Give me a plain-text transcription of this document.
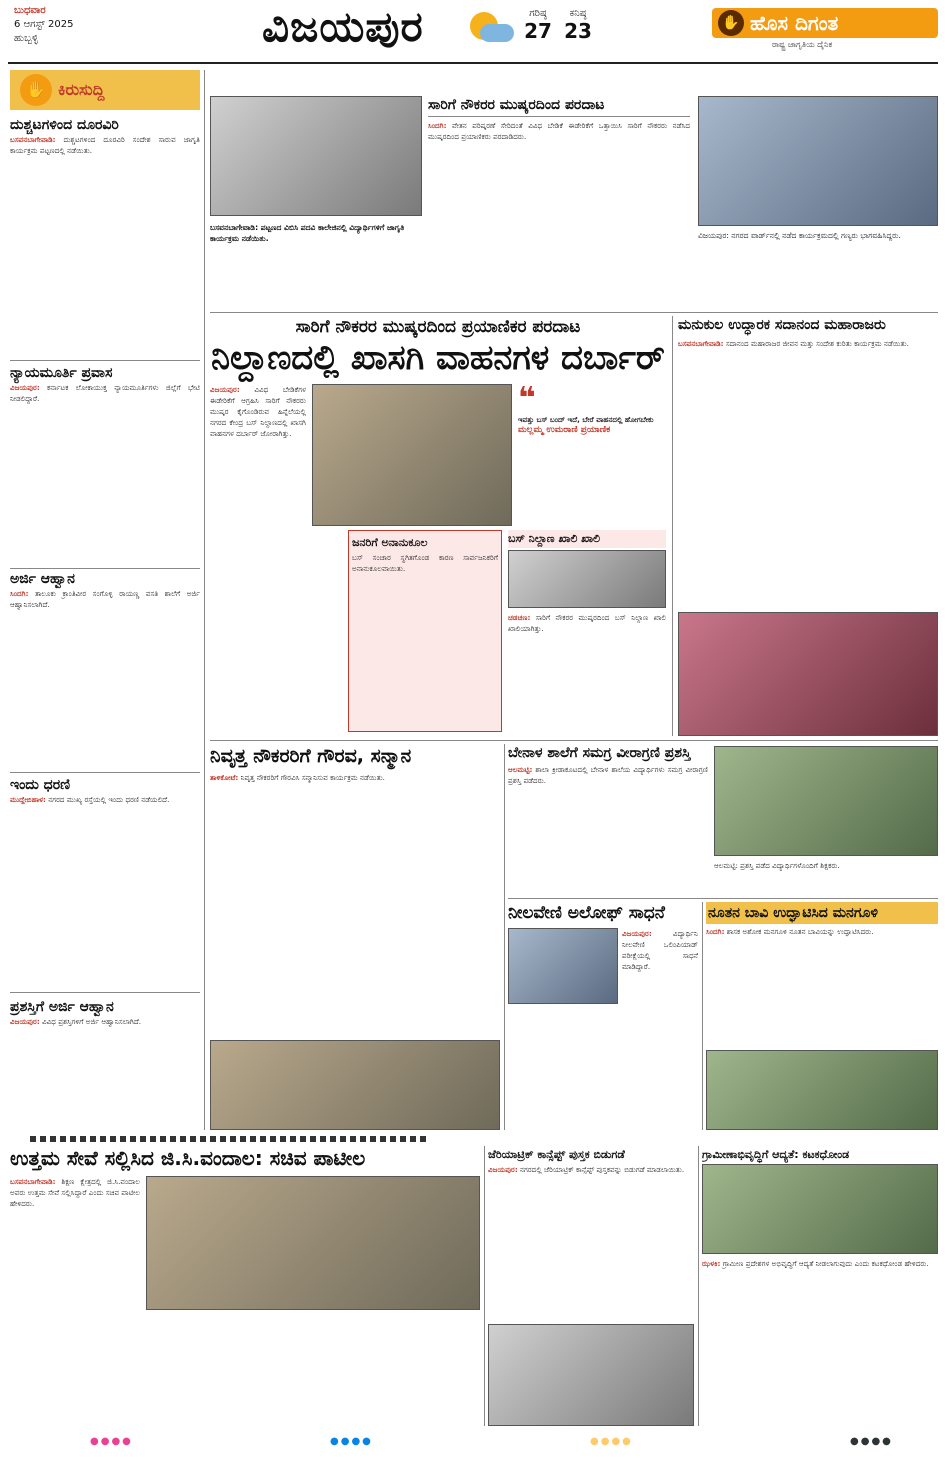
ಬುಧವಾರ
6 ಆಗಸ್ಟ್ 2025
ಹುಬ್ಬಳ್ಳಿ	ವಿಜಯಪುರ	ಗರಿಷ್ಠ
27
ಕನಿಷ್ಠ
23	✋ ಹೊಸ ದಿಗಂತ
ರಾಷ್ಟ್ರ ಜಾಗೃತಿಯ ದೈನಿಕ
✋ ಕಿರುಸುದ್ದಿ
ದುಶ್ಚಟಗಳಿಂದ ದೂರವಿರಿ
ಬಸವನಬಾಗೇವಾಡಿ: ದುಶ್ಚಟಗಳಿಂದ ದೂರವಿರಿ ಸಂದೇಶ ಸಾರುವ ಜಾಗೃತಿ ಕಾರ್ಯಕ್ರಮ ಪಟ್ಟಣದಲ್ಲಿ ನಡೆಯಿತು.
ನ್ಯಾಯಮೂರ್ತಿ ಪ್ರವಾಸ
ವಿಜಯಪುರ: ಕರ್ನಾಟಕ ಲೋಕಾಯುಕ್ತ ನ್ಯಾಯಮೂರ್ತಿಗಳು ಜಿಲ್ಲೆಗೆ ಭೇಟಿ ನೀಡಲಿದ್ದಾರೆ.
ಅರ್ಜಿ ಆಹ್ವಾನ
ಸಿಂದಗಿ: ತಾಲೂಕು ಕ್ರಾಂತಿವೀರ ಸಂಗೊಳ್ಳಿ ರಾಯಣ್ಣ ವಸತಿ ಶಾಲೆಗೆ ಅರ್ಜಿ ಆಹ್ವಾನಿಸಲಾಗಿದೆ.
ಇಂದು ಧರಣಿ
ಮುದ್ದೇಬಿಹಾಳ: ನಗರದ ಮುಖ್ಯ ರಸ್ತೆಯಲ್ಲಿ ಇಂದು ಧರಣಿ ನಡೆಯಲಿದೆ.
ಪ್ರಶಸ್ತಿಗೆ ಅರ್ಜಿ ಆಹ್ವಾನ
ವಿಜಯಪುರ: ವಿವಿಧ ಪ್ರಶಸ್ತಿಗಳಿಗೆ ಅರ್ಜಿ ಆಹ್ವಾನಿಸಲಾಗಿದೆ.
ಬಸವನಬಾಗೇವಾಡಿ: ಪಟ್ಟಣದ ವಿಬಿಸಿ ಪದವಿ ಕಾಲೇಜಿನಲ್ಲಿ ವಿದ್ಯಾರ್ಥಿಗಳಿಗೆ ಜಾಗೃತಿ ಕಾರ್ಯಕ್ರಮ ನಡೆಯಿತು.
ಸಾರಿಗೆ ನೌಕರರ ಮುಷ್ಕರದಿಂದ ಪರದಾಟ
ಸಿಂದಗಿ: ವೇತನ ಪರಿಷ್ಕರಣೆ ಸೇರಿದಂತೆ ವಿವಿಧ ಬೇಡಿಕೆ ಈಡೇರಿಕೆಗೆ ಒತ್ತಾಯಿಸಿ ಸಾರಿಗೆ ನೌಕರರು ನಡೆಸಿದ ಮುಷ್ಕರದಿಂದ ಪ್ರಯಾಣಿಕರು ಪರದಾಡಿದರು.
ವಿಜಯಪುರ: ನಗರದ ವಾರ್ಡ್‌ನಲ್ಲಿ ನಡೆದ ಕಾರ್ಯಕ್ರಮದಲ್ಲಿ ಗಣ್ಯರು ಭಾಗವಹಿಸಿದ್ದರು.
ಸಾರಿಗೆ ನೌಕರರ ಮುಷ್ಕರದಿಂದ ಪ್ರಯಾಣಿಕರ ಪರದಾಟ
ನಿಲ್ದಾಣದಲ್ಲಿ ಖಾಸಗಿ ವಾಹನಗಳ ದರ್ಬಾರ್
ವಿಜಯಪುರ: ವಿವಿಧ ಬೇಡಿಕೆಗಳ ಈಡೇರಿಕೆಗೆ ಆಗ್ರಹಿಸಿ ಸಾರಿಗೆ ನೌಕರರು ಮುಷ್ಕರ ಕೈಗೊಂಡಿರುವ ಹಿನ್ನೆಲೆಯಲ್ಲಿ ನಗರದ ಕೇಂದ್ರ ಬಸ್ ನಿಲ್ದಾಣದಲ್ಲಿ ಖಾಸಗಿ ವಾಹನಗಳ ದರ್ಬಾರ್ ಜೋರಾಗಿತ್ತು.
❝
ಇವತ್ತು ಬಸ್ ಬಂದ್ ಇದೆ, ಬೇರೆ ವಾಹನದಲ್ಲಿ ಹೋಗಬೇಕು
ಮಲ್ಲಮ್ಮ ಉಮರಾಣಿ ಪ್ರಯಾಣಿಕ
ಜನರಿಗೆ ಅನಾನುಕೂಲ
ಬಸ್ ಸಂಚಾರ ಸ್ಥಗಿತಗೊಂಡ ಕಾರಣ ಸಾರ್ವಜನಿಕರಿಗೆ ಅನಾನುಕೂಲವಾಯಿತು.
ಬಸ್ ನಿಲ್ದಾಣ ಖಾಲಿ ಖಾಲಿ
ಚಡಚಣ: ಸಾರಿಗೆ ನೌಕರರ ಮುಷ್ಕರದಿಂದ ಬಸ್ ನಿಲ್ದಾಣ ಖಾಲಿ ಖಾಲಿಯಾಗಿತ್ತು.
ಮನುಕುಲ ಉದ್ಧಾರಕ ಸದಾನಂದ ಮಹಾರಾಜರು
ಬಸವನಬಾಗೇವಾಡಿ: ಸದಾನಂದ ಮಹಾರಾಜರ ಜೀವನ ಮತ್ತು ಸಂದೇಶ ಕುರಿತು ಕಾರ್ಯಕ್ರಮ ನಡೆಯಿತು.
ನಿವೃತ್ತ ನೌಕರರಿಗೆ ಗೌರವ, ಸನ್ಮಾನ
ತಾಳಿಕೋಟೆ: ನಿವೃತ್ತ ನೌಕರರಿಗೆ ಗೌರವಿಸಿ ಸನ್ಮಾನಿಸುವ ಕಾರ್ಯಕ್ರಮ ನಡೆಯಿತು.
ಬೇನಾಳ ಶಾಲೆಗೆ ಸಮಗ್ರ ವೀರಾಗ್ರಣಿ ಪ್ರಶಸ್ತಿ
ಆಲಮಟ್ಟಿ: ಶಾಲಾ ಕ್ರೀಡಾಕೂಟದಲ್ಲಿ ಬೇನಾಳ ಶಾಲೆಯ ವಿದ್ಯಾರ್ಥಿಗಳು ಸಮಗ್ರ ವೀರಾಗ್ರಣಿ ಪ್ರಶಸ್ತಿ ಪಡೆದರು.
ಆಲಮಟ್ಟಿ: ಪ್ರಶಸ್ತಿ ಪಡೆದ ವಿದ್ಯಾರ್ಥಿಗಳೊಂದಿಗೆ ಶಿಕ್ಷಕರು.
ನೀಲವೇಣಿ ಅಲೋಫ್ ಸಾಧನೆ
ವಿಜಯಪುರ:	ವಿದ್ಯಾರ್ಥಿನಿ ನೀಲವೇಣಿ ಒಲಿಂಪಿಯಾಡ್ ಪರೀಕ್ಷೆಯಲ್ಲಿ ಸಾಧನೆ ಮಾಡಿದ್ದಾರೆ.
ನೂತನ ಬಾವಿ ಉದ್ಘಾಟಿಸಿದ ಮನಗೂಳಿ
ಸಿಂದಗಿ: ಶಾಸಕ ಅಶೋಕ ಮನಗೂಳಿ ನೂತನ ಬಾವಿಯನ್ನು ಉದ್ಘಾಟಿಸಿದರು.
ಉತ್ತಮ ಸೇವೆ ಸಲ್ಲಿಸಿದ ಜಿ.ಸಿ.ವಂದಾಲ: ಸಚಿವ ಪಾಟೀಲ
ಬಸವನಬಾಗೇವಾಡಿ: ಶಿಕ್ಷಣ ಕ್ಷೇತ್ರದಲ್ಲಿ ಜಿ.ಸಿ.ವಂದಾಲ ಅವರು ಉತ್ತಮ ಸೇವೆ ಸಲ್ಲಿಸಿದ್ದಾರೆ ಎಂದು ಸಚಿವ ಪಾಟೀಲ ಹೇಳಿದರು.
ಜೆರಿಯಾಟ್ರಿಕ್ ಕಾನ್ಸೆಪ್ಟ್ ಪುಸ್ತಕ ಬಿಡುಗಡೆ
ವಿಜಯಪುರ: ನಗರದಲ್ಲಿ ಜೆರಿಯಾಟ್ರಿಕ್ ಕಾನ್ಸೆಪ್ಟ್ ಪುಸ್ತಕವನ್ನು ಬಿಡುಗಡೆ ಮಾಡಲಾಯಿತು.
ಗ್ರಾಮೀಣಾಭಿವೃದ್ಧಿಗೆ ಆದ್ಯತೆ: ಕಟಕಧೋಂಡ
ಝಳಕಿ: ಗ್ರಾಮೀಣ ಪ್ರದೇಶಗಳ ಅಭಿವೃದ್ಧಿಗೆ ಆದ್ಯತೆ ನೀಡಲಾಗುವುದು ಎಂದು ಕಟಕಧೋಂಡ ಹೇಳಿದರು.
●●●●	●●●●	●●●●	●●●●
